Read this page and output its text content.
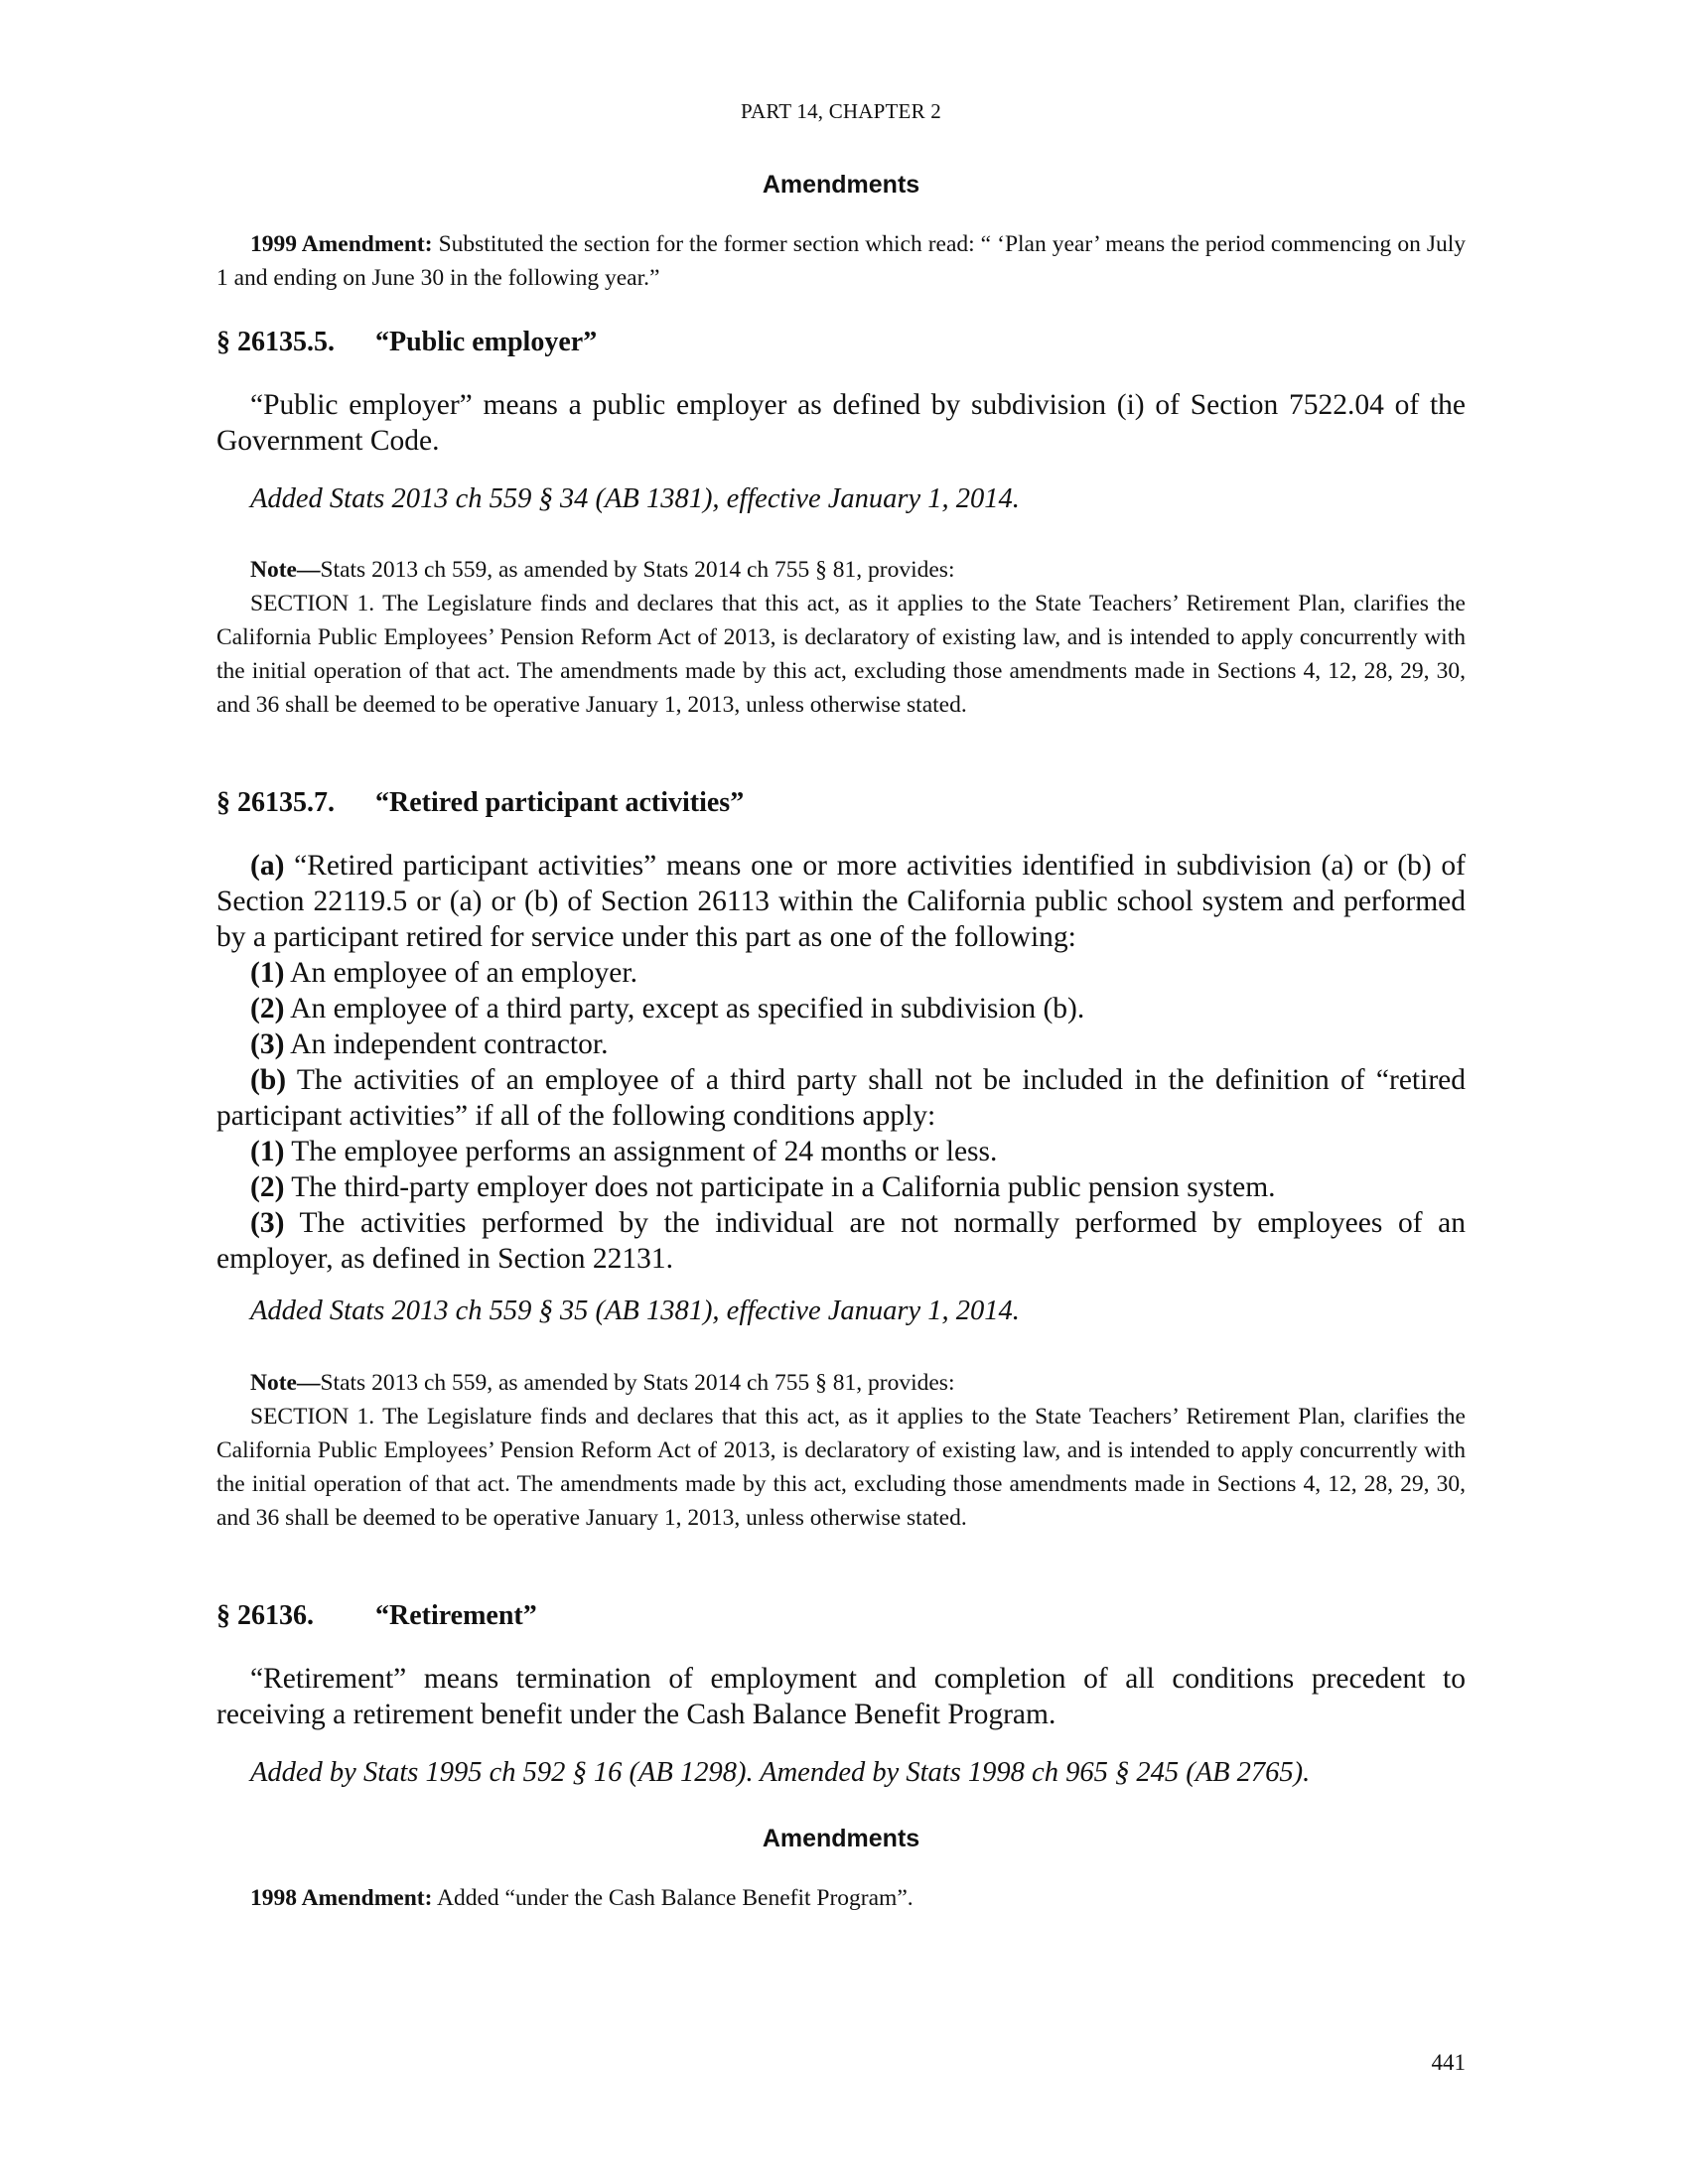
PART 14, CHAPTER 2

Amendments

1999 Amendment: Substituted the section for the former section which read: “ ‘Plan year’ means the period commencing on July 1 and ending on June 30 in the following year.”

§ 26135.5. “Public employer”

“Public employer” means a public employer as defined by subdivision (i) of Section 7522.04 of the Government Code.

Added Stats 2013 ch 559 § 34 (AB 1381), effective January 1, 2014.

Note—Stats 2013 ch 559, as amended by Stats 2014 ch 755 § 81, provides:

SECTION 1. The Legislature finds and declares that this act, as it applies to the State Teachers’ Retirement Plan, clarifies the California Public Employees’ Pension Reform Act of 2013, is declaratory of existing law, and is intended to apply concurrently with the initial operation of that act. The amendments made by this act, excluding those amendments made in Sections 4, 12, 28, 29, 30, and 36 shall be deemed to be operative January 1, 2013, unless otherwise stated.

§ 26135.7. “Retired participant activities”

(a) “Retired participant activities” means one or more activities identified in subdivision (a) or (b) of Section 22119.5 or (a) or (b) of Section 26113 within the California public school system and performed by a participant retired for service under this part as one of the following:

(1) An employee of an employer.

(2) An employee of a third party, except as specified in subdivision (b).

(3) An independent contractor.

(b) The activities of an employee of a third party shall not be included in the definition of “retired participant activities” if all of the following conditions apply:

(1) The employee performs an assignment of 24 months or less.

(2) The third-party employer does not participate in a California public pension system.

(3) The activities performed by the individual are not normally performed by employees of an employer, as defined in Section 22131.

Added Stats 2013 ch 559 § 35 (AB 1381), effective January 1, 2014.

Note—Stats 2013 ch 559, as amended by Stats 2014 ch 755 § 81, provides:

SECTION 1. The Legislature finds and declares that this act, as it applies to the State Teachers’ Retirement Plan, clarifies the California Public Employees’ Pension Reform Act of 2013, is declaratory of existing law, and is intended to apply concurrently with the initial operation of that act. The amendments made by this act, excluding those amendments made in Sections 4, 12, 28, 29, 30, and 36 shall be deemed to be operative January 1, 2013, unless otherwise stated.

§ 26136. “Retirement”

“Retirement” means termination of employment and completion of all conditions precedent to receiving a retirement benefit under the Cash Balance Benefit Program.

Added by Stats 1995 ch 592 § 16 (AB 1298). Amended by Stats 1998 ch 965 § 245 (AB 2765).

Amendments

1998 Amendment: Added “under the Cash Balance Benefit Program”.

441
